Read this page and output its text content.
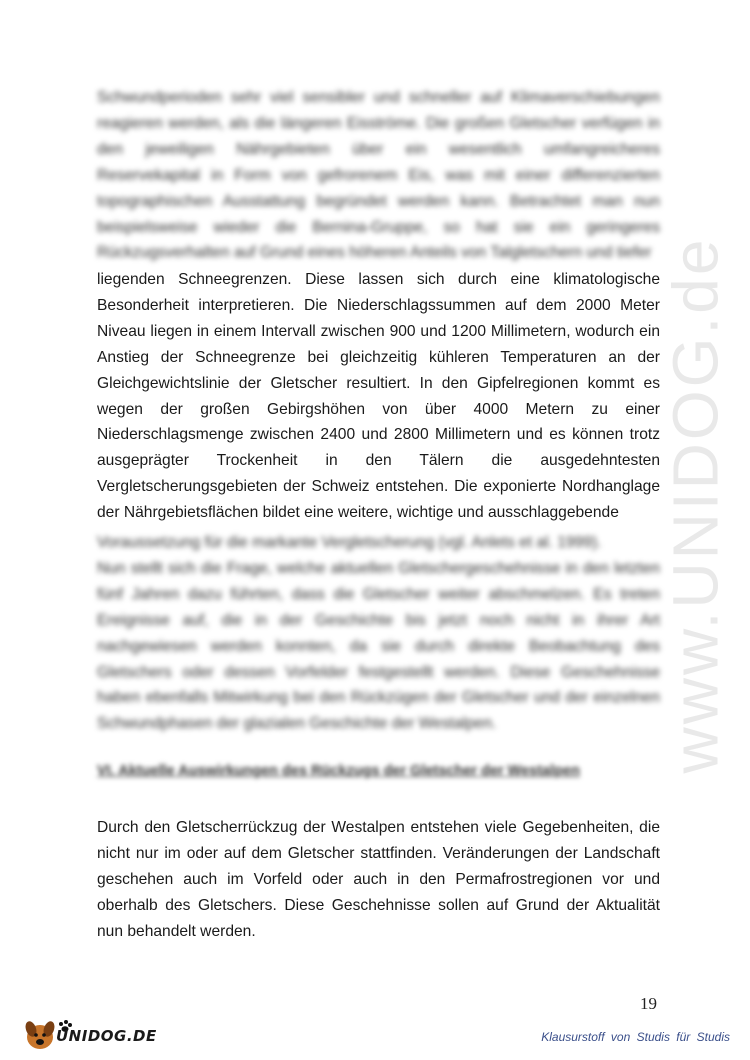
www.UNIDOG.de
Schwundperioden sehr viel sensibler und schneller auf Klimaverschiebungen
reagieren werden, als die längeren Eisströme. Die großen Gletscher verfügen in
den jeweiligen Nährgebieten über ein wesentlich umfangreicheres
Reservekapital in Form von gefrorenem Eis, was mit einer differenzierten
topographischen Ausstattung begründet werden kann. Betrachtet man nun
beispielsweise wieder die Bernina-Gruppe, so hat sie ein geringeres
Rückzugsverhalten auf Grund eines höheren Anteils von Talgletschern und tiefer
liegenden Schneegrenzen. Diese lassen sich durch eine klimatologische
Besonderheit interpretieren. Die Niederschlagssummen auf dem 2000 Meter
Niveau liegen in einem Intervall zwischen 900 und 1200 Millimetern, wodurch ein
Anstieg der Schneegrenze bei gleichzeitig kühleren Temperaturen an der
Gleichgewichtslinie der Gletscher resultiert. In den Gipfelregionen kommt es
wegen der großen Gebirgshöhen von über 4000 Metern zu einer
Niederschlagsmenge zwischen 2400 und 2800 Millimetern und es können trotz
ausgeprägter Trockenheit in den Tälern die ausgedehntesten
Vergletscherungsgebieten der Schweiz entstehen. Die exponierte Nordhanglage
der Nährgebietsflächen bildet eine weitere, wichtige und ausschlaggebende
Voraussetzung für die markante Vergletscherung (vgl. Anlets et al. 1999).
Nun stellt sich die Frage, welche aktuellen Gletschergeschehnisse in den letzten
fünf Jahren dazu führten, dass die Gletscher weiter abschmelzen. Es treten
Ereignisse auf, die in der Geschichte bis jetzt noch nicht in ihrer Art
nachgewiesen werden konnten, da sie durch direkte Beobachtung des
Gletschers oder dessen Vorfelder festgestellt werden. Diese Geschehnisse
haben ebenfalls Mitwirkung bei den Rückzügen der Gletscher und der einzelnen
Schwundphasen der glazialen Geschichte der Westalpen.
VI. Aktuelle Auswirkungen des Rückzugs der Gletscher der Westalpen
Durch den Gletscherrückzug der Westalpen entstehen viele Gegebenheiten, die
nicht nur im oder auf dem Gletscher stattfinden. Veränderungen der Landschaft
geschehen auch im Vorfeld oder auch in den Permafrostregionen vor und
oberhalb des Gletschers. Diese Geschehnisse sollen auf Grund der Aktualität
nun behandelt werden.
19
UNIDOG.DE	Klausurstoff von Studis für Studis
